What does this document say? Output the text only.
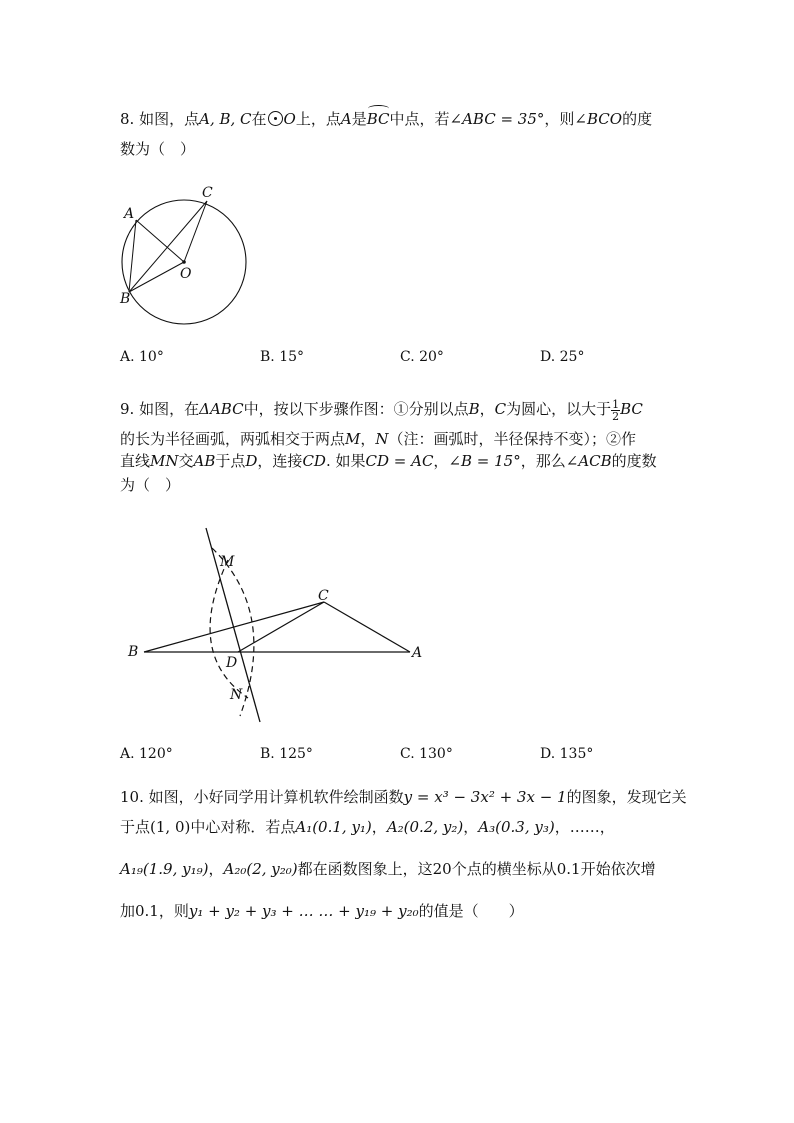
8. 如图，点A, B, C在 O上，点A是BC中点，若∠ABC = 35°，则∠BCO的度
数为（　）
A
C
O
B
A. 10°	B. 15°	C. 20°	D. 25°
9. 如图，在ΔABC中，按以下步骤作图：①分别以点B，C为圆心，以大于 $\frac{1}{2}$ BC
的长为半径画弧，两弧相交于两点M，N（注：画弧时，半径保持不变）；②作
直线MN交AB于点D，连接CD. 如果CD = AC，∠B = 15°，那么∠ACB的度数
为（　）
M
C
B
D
A
N
A. 120°	B. 125°	C. 130°	D. 135°
10. 如图，小好同学用计算机软件绘制函数y = x³ − 3x² + 3x − 1的图象，发现它关
于点(1, 0)中心对称．若点A₁(0.1, y₁)，A₂(0.2, y₂)，A₃(0.3, y₃)，……，
A₁₉(1.9, y₁₉)，A₂₀(2, y₂₀)都在函数图象上，这20个点的横坐标从0.1开始依次增
加0.1，则y₁ + y₂ + y₃ + … … + y₁₉ + y₂₀的值是（　　）
